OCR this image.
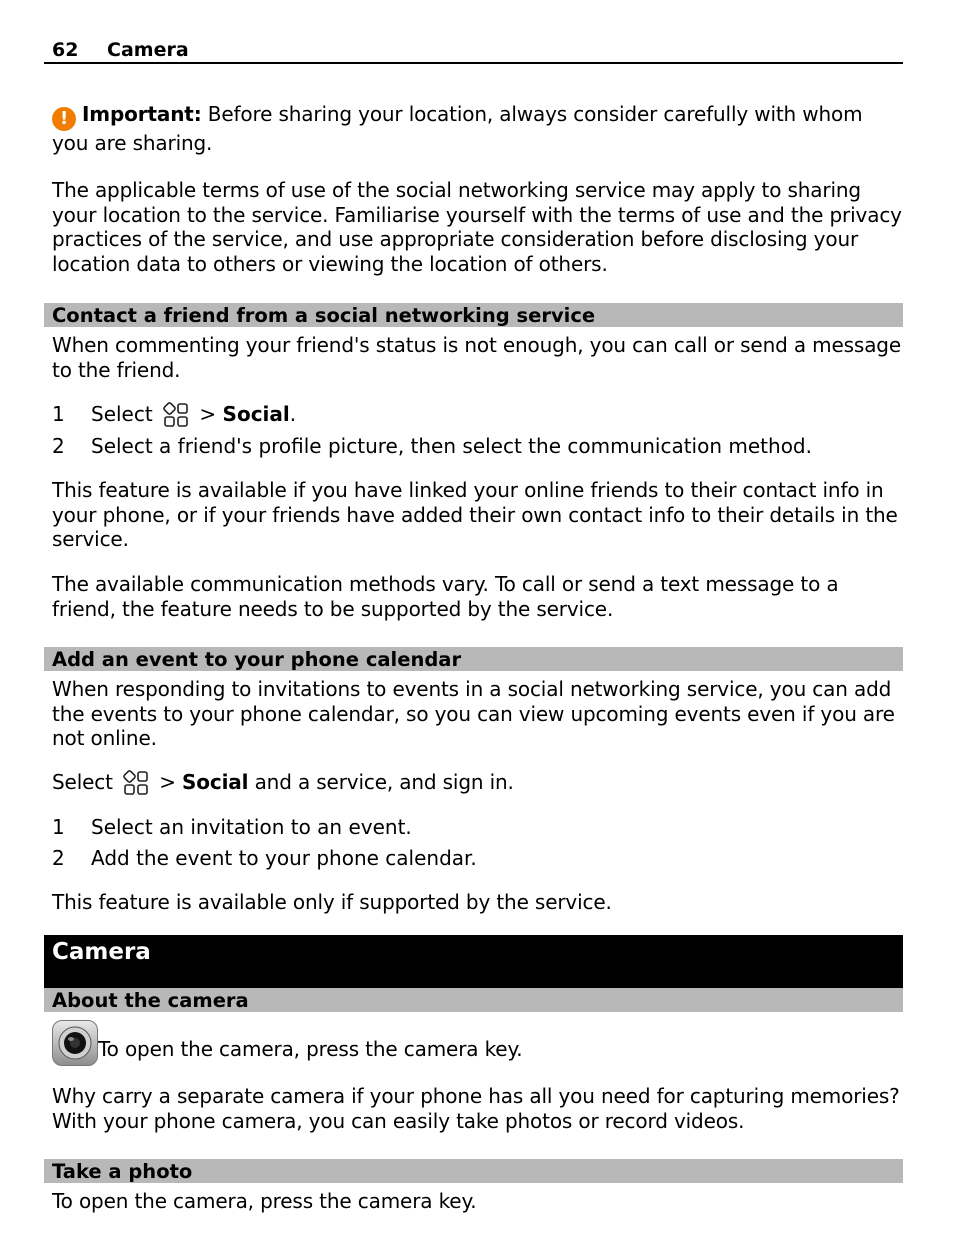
62 Camera
! Important: Before sharing your location, always consider carefully with whom you are sharing.
The applicable terms of use of the social networking service may apply to sharing your location to the service. Familiarise yourself with the terms of use and the privacy practices of the service, and use appropriate consideration before disclosing your location data to others or viewing the location of others.
Contact a friend from a social networking service
When commenting your friend's status is not enough, you can call or send a message to the friend.
1 Select  > Social.
2 Select a friend's profile picture, then select the communication method.
This feature is available if you have linked your online friends to their contact info in your phone, or if your friends have added their own contact info to their details in the service.
The available communication methods vary. To call or send a text message to a friend, the feature needs to be supported by the service.
Add an event to your phone calendar
When responding to invitations to events in a social networking service, you can add the events to your phone calendar, so you can view upcoming events even if you are not online.
Select  > Social and a service, and sign in.
1 Select an invitation to an event.
2 Add the event to your phone calendar.
This feature is available only if supported by the service.
Camera
About the camera
To open the camera, press the camera key.
Why carry a separate camera if your phone has all you need for capturing memories? With your phone camera, you can easily take photos or record videos.
Take a photo
To open the camera, press the camera key.
